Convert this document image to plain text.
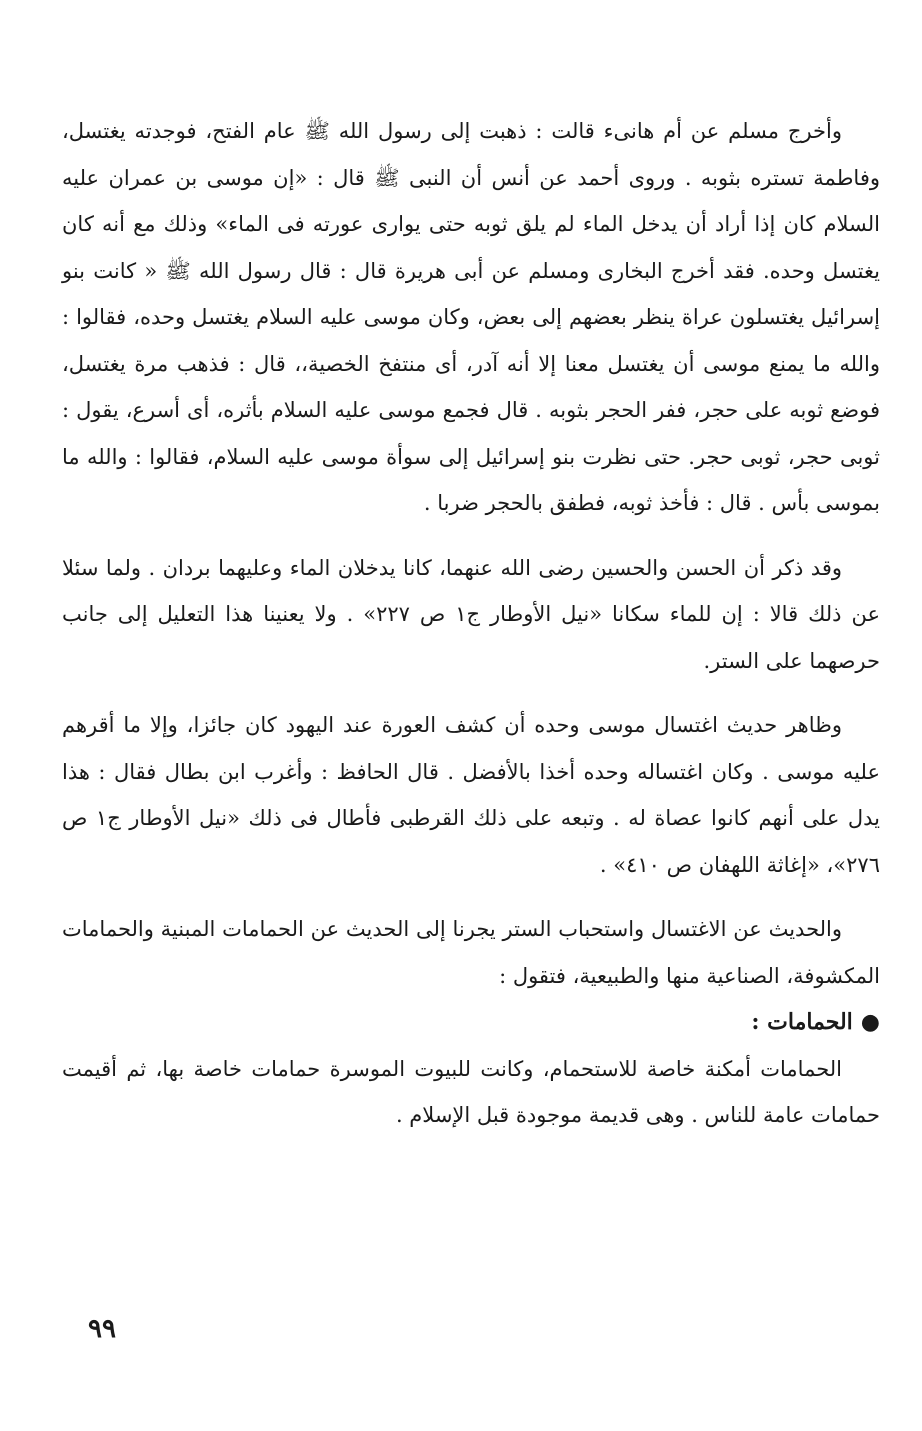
وأخرج مسلم عن أم هانىء قالت : ذهبت إلى رسول الله ﷺ عام الفتح، فوجدته يغتسل، وفاطمة تستره بثوبه . وروى أحمد عن أنس أن النبى ﷺ قال : «إن موسى بن عمران عليه السلام كان إذا أراد أن يدخل الماء لم يلق ثوبه حتى يوارى عورته فى الماء» وذلك مع أنه كان يغتسل وحده. فقد أخرج البخارى ومسلم عن أبى هريرة قال : قال رسول الله ﷺ « كانت بنو إسرائيل يغتسلون عراة ينظر بعضهم إلى بعض، وكان موسى عليه السلام يغتسل وحده، فقالوا : والله ما يمنع موسى أن يغتسل معنا إلا أنه آدر، أى منتفخ الخصية،، قال : فذهب مرة يغتسل، فوضع ثوبه على حجر، ففر الحجر بثوبه . قال فجمع موسى عليه السلام بأثره، أى أسرع، يقول : ثوبى حجر، ثوبى حجر. حتى نظرت بنو إسرائيل إلى سوأة موسى عليه السلام، فقالوا : والله ما بموسى بأس . قال : فأخذ ثوبه، فطفق بالحجر ضربا .

وقد ذكر أن الحسن والحسين رضى الله عنهما، كانا يدخلان الماء وعليهما بردان . ولما سئلا عن ذلك قالا : إن للماء سكانا «نيل الأوطار ج١ ص ٢٢٧» . ولا يعنينا هذا التعليل إلى جانب حرصهما على الستر.

وظاهر حديث اغتسال موسى وحده أن كشف العورة عند اليهود كان جائزا، وإلا ما أقرهم عليه موسى . وكان اغتساله وحده أخذا بالأفضل . قال الحافظ : وأغرب ابن بطال فقال : هذا يدل على أنهم كانوا عصاة له . وتبعه على ذلك القرطبى فأطال فى ذلك «نيل الأوطار ج١ ص ٢٧٦»، «إغاثة اللهفان ص ٤١٠» .

والحديث عن الاغتسال واستحباب الستر يجرنا إلى الحديث عن الحمامات المبنية والحمامات المكشوفة، الصناعية منها والطبيعية، فتقول :

●الحمامات :

الحمامات أمكنة خاصة للاستحمام، وكانت للبيوت الموسرة حمامات خاصة بها، ثم أقيمت حمامات عامة للناس . وهى قديمة موجودة قبل الإسلام .

٩٩
